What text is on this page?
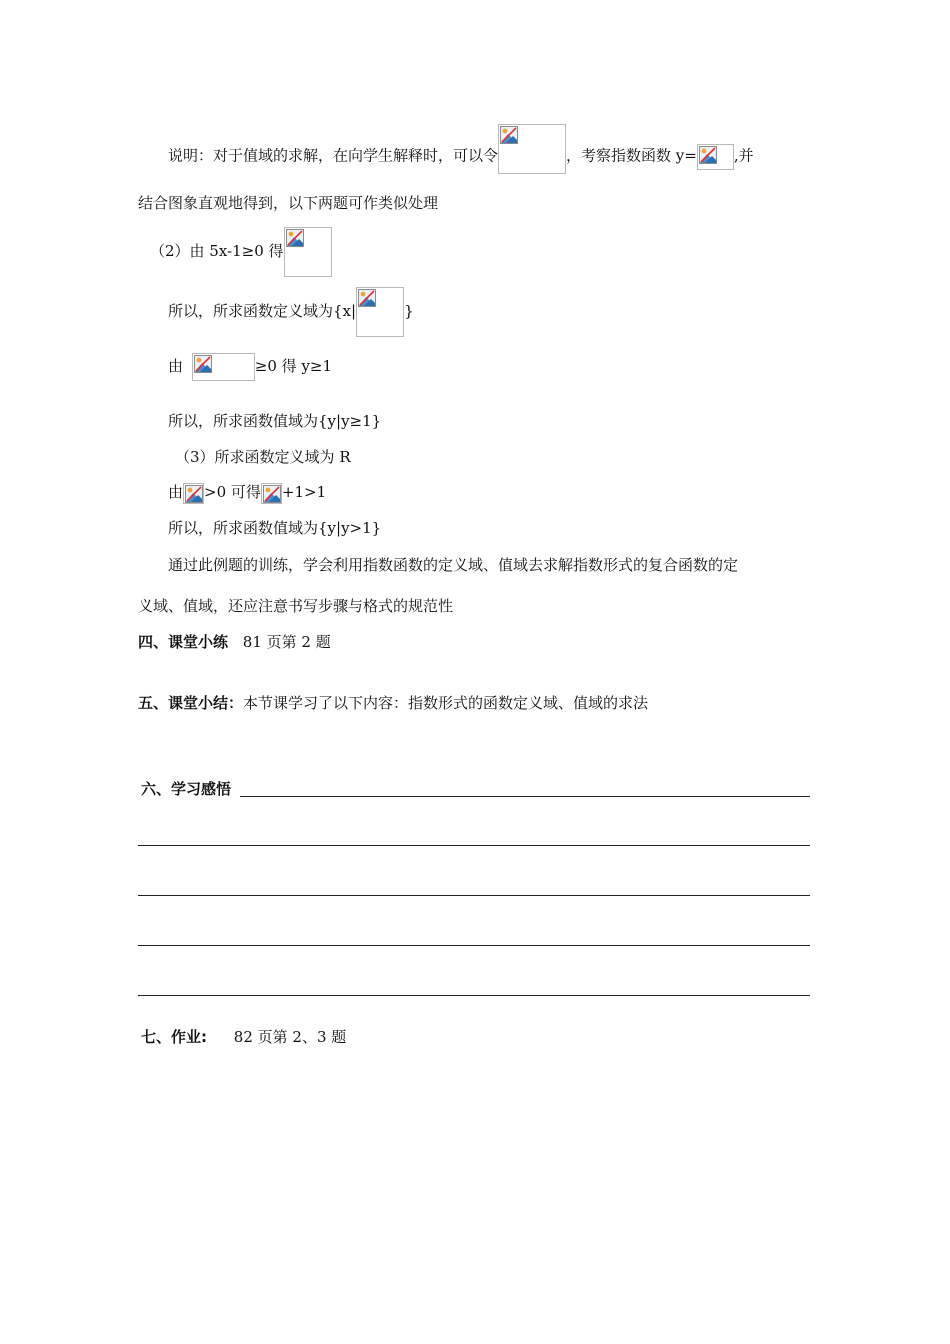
说明：对于值域的求解，在向学生解释时，可以令	，考察指数函数 y= ,并
结合图象直观地得到，以下两题可作类似处理
（2）由 5x-1≥0 得
所以，所求函数定义域为{x|	}
由	≥0 得 y≥1
所以，所求函数值域为{y|y≥1}
（3）所求函数定义域为 R
由 >0 可得 +1>1
所以，所求函数值域为{y|y>1}
通过此例题的训练，学会利用指数函数的定义域、值域去求解指数形式的复合函数的定
义域、值域，还应注意书写步骤与格式的规范性
四、课堂小练 81 页第 2 题
五、课堂小结：本节课学习了以下内容：指数形式的函数定义域、值域的求法
六、学习感悟
七、作业: 82 页第 2、3 题
